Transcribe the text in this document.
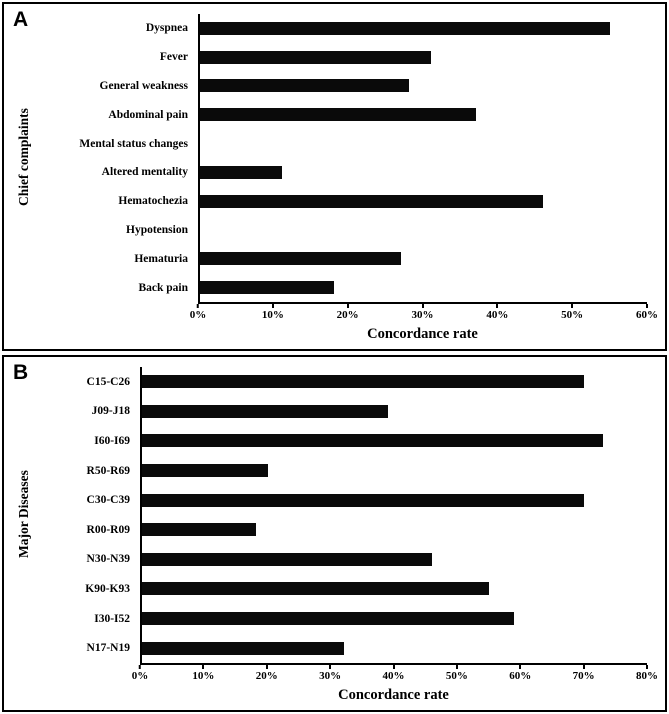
A
Chief complaints
Dyspnea
Fever
General weakness
Abdominal pain
Mental status changes
Altered mentality
Hematochezia
Hypotension
Hematuria
Back pain
0%	10%	20%	30%	40%	50%	60%
Concordance rate
B
Major Diseases
C15-C26
J09-J18
I60-I69
R50-R69
C30-C39
R00-R09
N30-N39
K90-K93
I30-I52
N17-N19
0%	10%	20%	30%	40%	50%	60%	70%	80%
Concordance rate
